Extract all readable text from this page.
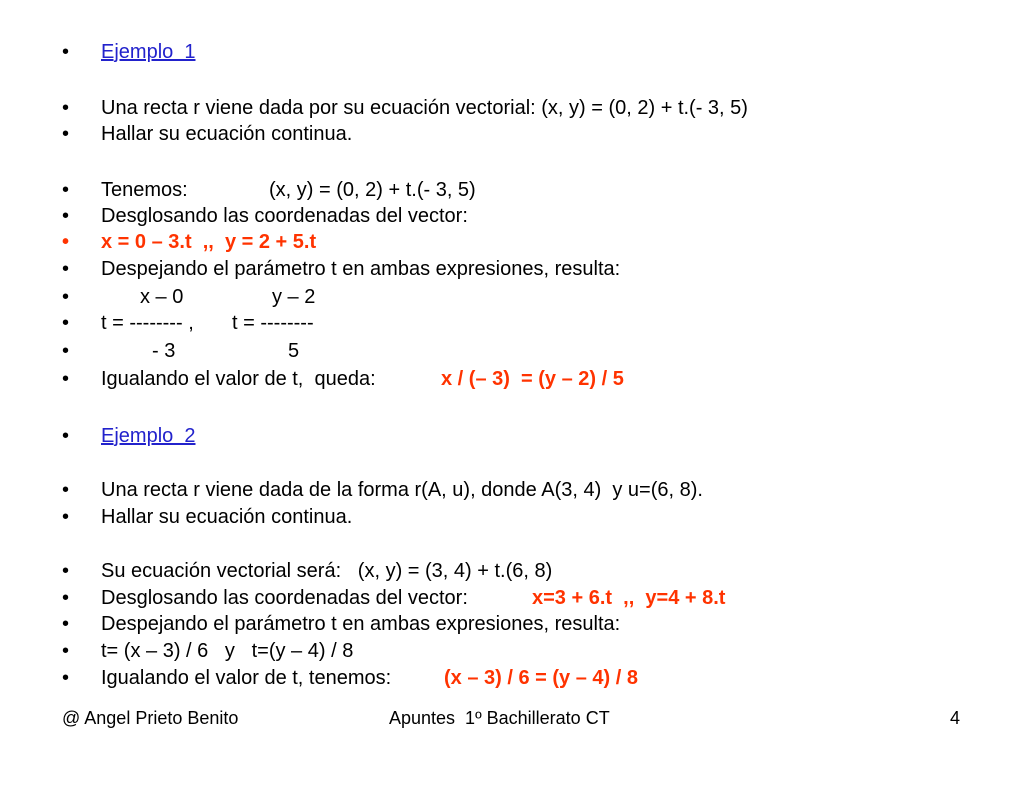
•

Ejemplo  1

•

Una recta r viene dada por su ecuación vectorial: (x, y) = (0, 2) + t.(- 3, 5)

•

Hallar su ecuación continua.

•

Tenemos:

	(x, y) = (0, 2) + t.(- 3, 5)

•

Desglosando las coordenadas del vector:

•

x = 0 – 3.t  ,,  y = 2 + 5.t

•

Despejando el parámetro t en ambas expresiones, resulta:

•

	x – 0

	y – 2

•

t = -------- ,

t = --------

•

	- 3

	5

•

Igualando el valor de t,  queda:

	x / (– 3)  = (y – 2) / 5

•

Ejemplo  2

•

Una recta r viene dada de la forma r(A, u), donde A(3, 4)  y u=(6, 8).

•

Hallar su ecuación continua.

•

Su ecuación vectorial será:   (x, y) = (3, 4) + t.(6, 8)

•

Desglosando las coordenadas del vector:

	x=3 + 6.t  ,,  y=4 + 8.t

•

Despejando el parámetro t en ambas expresiones, resulta:

•

t= (x – 3) / 6   y   t=(y – 4) / 8

•

Igualando el valor de t, tenemos:

	(x – 3) / 6 = (y – 4) / 8

@ Angel Prieto Benito	Apuntes  1º Bachillerato CT	4
